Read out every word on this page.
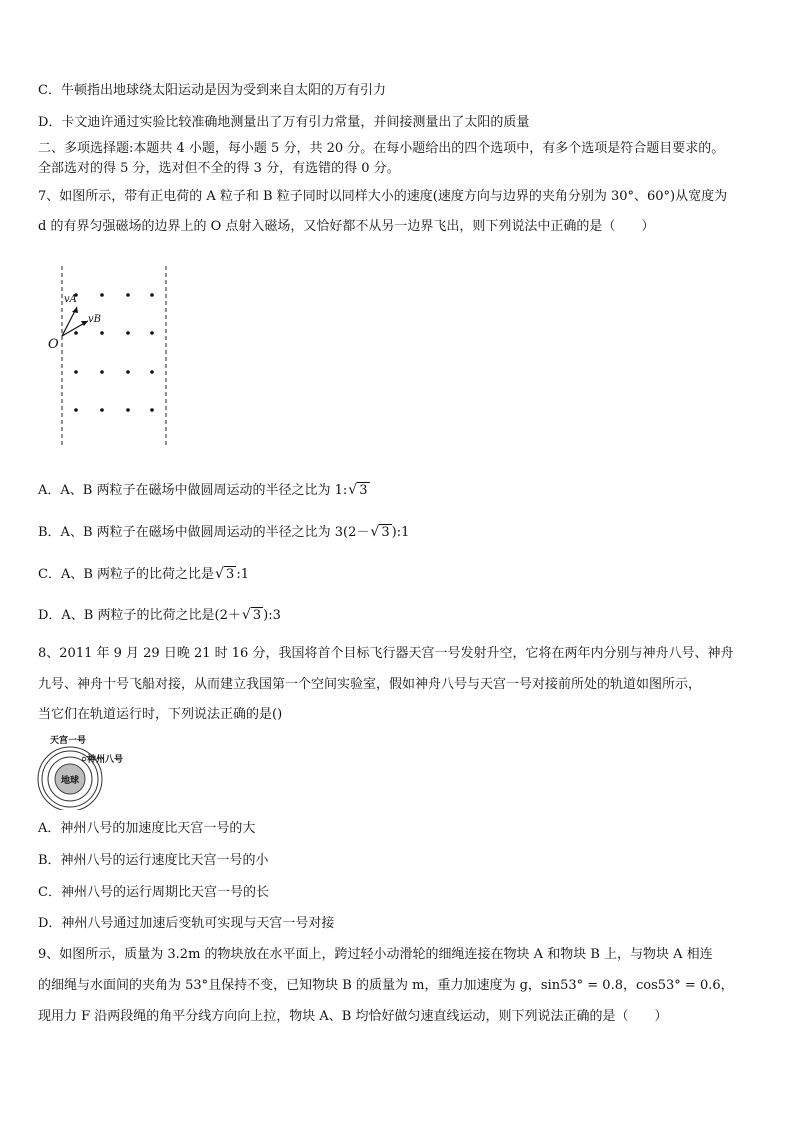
C．牛顿指出地球绕太阳运动是因为受到来自太阳的万有引力
D．卡文迪许通过实验比较准确地测量出了万有引力常量，并间接测量出了太阳的质量
二、多项选择题:本题共 4 小题，每小题 5 分，共 20 分。在每小题给出的四个选项中，有多个选项是符合题目要求的。
全部选对的得 5 分，选对但不全的得 3 分，有选错的得 0 分。
7、如图所示，带有正电荷的 A 粒子和 B 粒子同时以同样大小的速度(速度方向与边界的夹角分别为 30°、60°)从宽度为
d 的有界匀强磁场的边界上的 O 点射入磁场，又恰好都不从另一边界飞出，则下列说法中正确的是（　　）
O
vA
vB
A．A、B 两粒子在磁场中做圆周运动的半径之比为 1: √ 3
B．A、B 两粒子在磁场中做圆周运动的半径之比为 3(2－ √ 3 ):1
C．A、B 两粒子的比荷之比是 √ 3 :1
D．A、B 两粒子的比荷之比是(2＋ √ 3 ):3
8、2011 年 9 月 29 日晚 21 时 16 分，我国将首个目标飞行器天宫一号发射升空，它将在两年内分别与神舟八号、神舟
九号、神舟十号飞船对接，从而建立我国第一个空间实验室，假如神舟八号与天宫一号对接前所处的轨道如图所示，
当它们在轨道运行时，下列说法正确的是()
天宫一号
神州八号
地球
A．神州八号的加速度比天宫一号的大
B．神州八号的运行速度比天宫一号的小
C．神州八号的运行周期比天宫一号的长
D．神州八号通过加速后变轨可实现与天宫一号对接
9、如图所示，质量为 3.2m 的物块放在水平面上，跨过轻小动滑轮的细绳连接在物块 A 和物块 B 上，与物块 A 相连
的细绳与水面间的夹角为 53°且保持不变，已知物块 B 的质量为 m，重力加速度为 g，sin53° = 0.8，cos53° = 0.6，
现用力 F 沿两段绳的角平分线方向向上拉，物块 A、B 均恰好做匀速直线运动，则下列说法正确的是（　　）
